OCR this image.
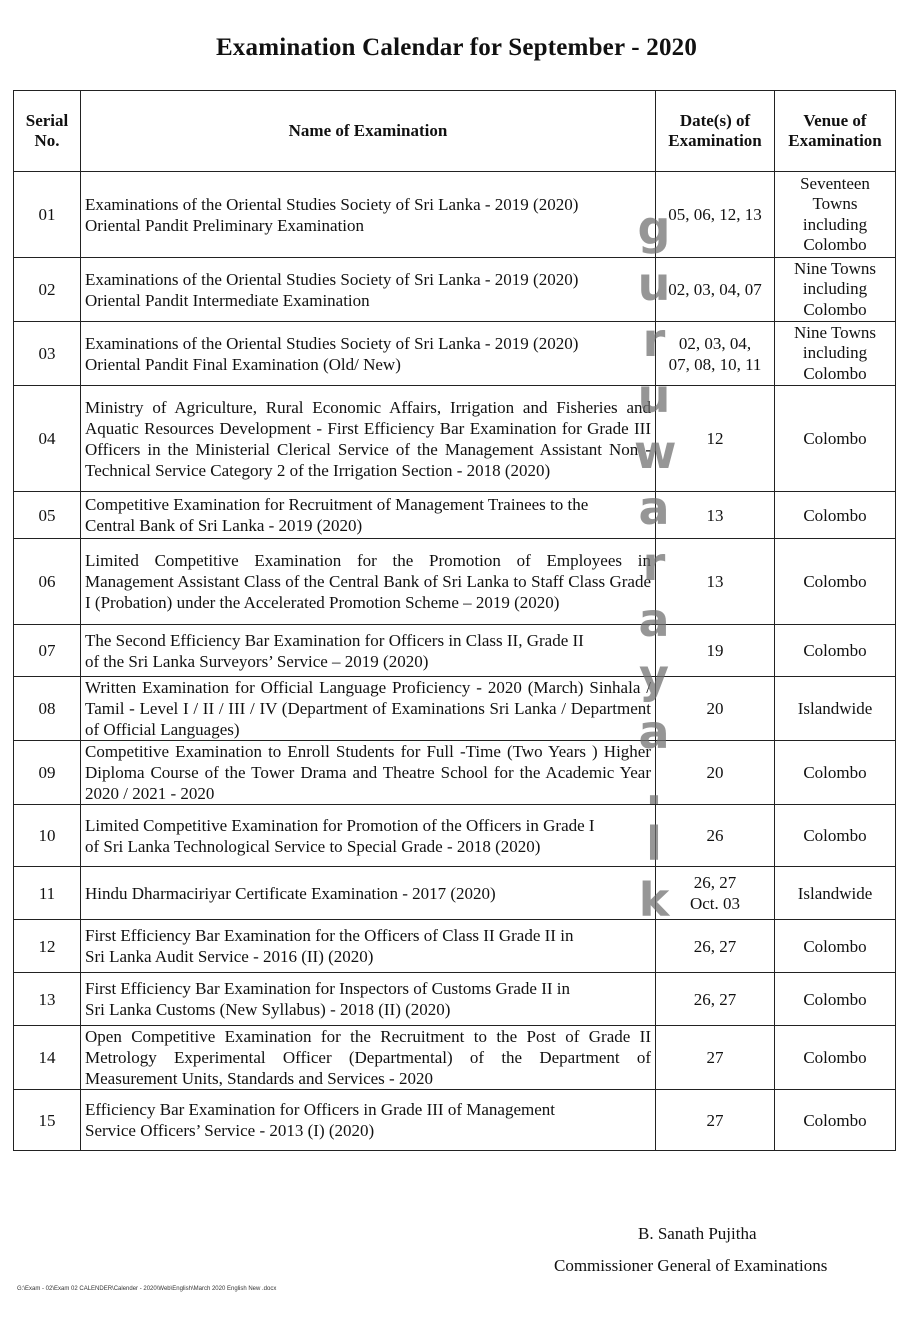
Examination Calendar for September - 2020
Serial
No.	Name of Examination	Date(s) of
Examination	Venue of
Examination

01	Examinations of the Oriental Studies Society of Sri Lanka - 2019 (2020)
Oriental Pandit Preliminary Examination	05, 06, 12, 13	Seventeen
Towns
including
Colombo

02	Examinations of the Oriental Studies Society of Sri Lanka - 2019 (2020)
Oriental Pandit Intermediate Examination	02, 03, 04, 07	Nine Towns
including
Colombo

03	Examinations of the Oriental Studies Society of Sri Lanka - 2019 (2020)
Oriental Pandit Final Examination (Old/ New)	02, 03, 04,
07, 08, 10, 11	Nine Towns
including
Colombo

04	Ministry of Agriculture, Rural Economic Affairs, Irrigation and Fisheries and Aquatic Resources Development - First Efficiency Bar Examination for Grade III Officers in the Ministerial Clerical Service of the Management Assistant Non - Technical Service Category 2 of the Irrigation Section - 2018 (2020)	12	Colombo

05	Competitive Examination for Recruitment of Management Trainees to the
Central Bank of Sri Lanka - 2019 (2020)	13	Colombo

06	Limited Competitive Examination for the Promotion of Employees in Management Assistant Class of the Central Bank of Sri Lanka to Staff Class Grade I (Probation) under the Accelerated Promotion Scheme – 2019 (2020)	13	Colombo

07	The Second Efficiency Bar Examination for Officers in Class II, Grade II
of the Sri Lanka Surveyors’ Service – 2019 (2020)	19	Colombo

08	Written Examination for Official Language Proficiency - 2020 (March) Sinhala / Tamil - Level I / II / III / IV (Department of Examinations Sri Lanka / Department of Official Languages)	20	Islandwide

09	Competitive Examination to Enroll Students for Full -Time (Two Years ) Higher Diploma Course of the Tower Drama and Theatre School for the Academic Year 2020 / 2021 - 2020	20	Colombo

10	Limited Competitive Examination for Promotion of the Officers in Grade I
of Sri Lanka Technological Service to Special Grade - 2018 (2020)	26	Colombo

11	Hindu Dharmaciriyar Certificate Examination - 2017 (2020)	26, 27
Oct. 03	Islandwide

12	First Efficiency Bar Examination for the Officers of Class II Grade II in
Sri Lanka Audit Service - 2016 (II) (2020)	26, 27	Colombo

13	First Efficiency Bar Examination for Inspectors of Customs Grade II in
Sri Lanka Customs (New Syllabus) - 2018 (II) (2020)	26, 27	Colombo

14	Open Competitive Examination for the Recruitment to the Post of Grade II Metrology Experimental Officer (Departmental) of the Department of Measurement Units, Standards and Services - 2020	27	Colombo

15	Efficiency Bar Examination for Officers in Grade III of Management
Service Officers’ Service - 2013 (I) (2020)	27	Colombo
g
u
r
u
w
a
r
a
y
a
.
l
k
B. Sanath Pujitha
Commissioner General of Examinations
G:\Exam - 02\Exam 02 CALENDER\Calender - 2020\Web\English\March 2020 English New .docx
